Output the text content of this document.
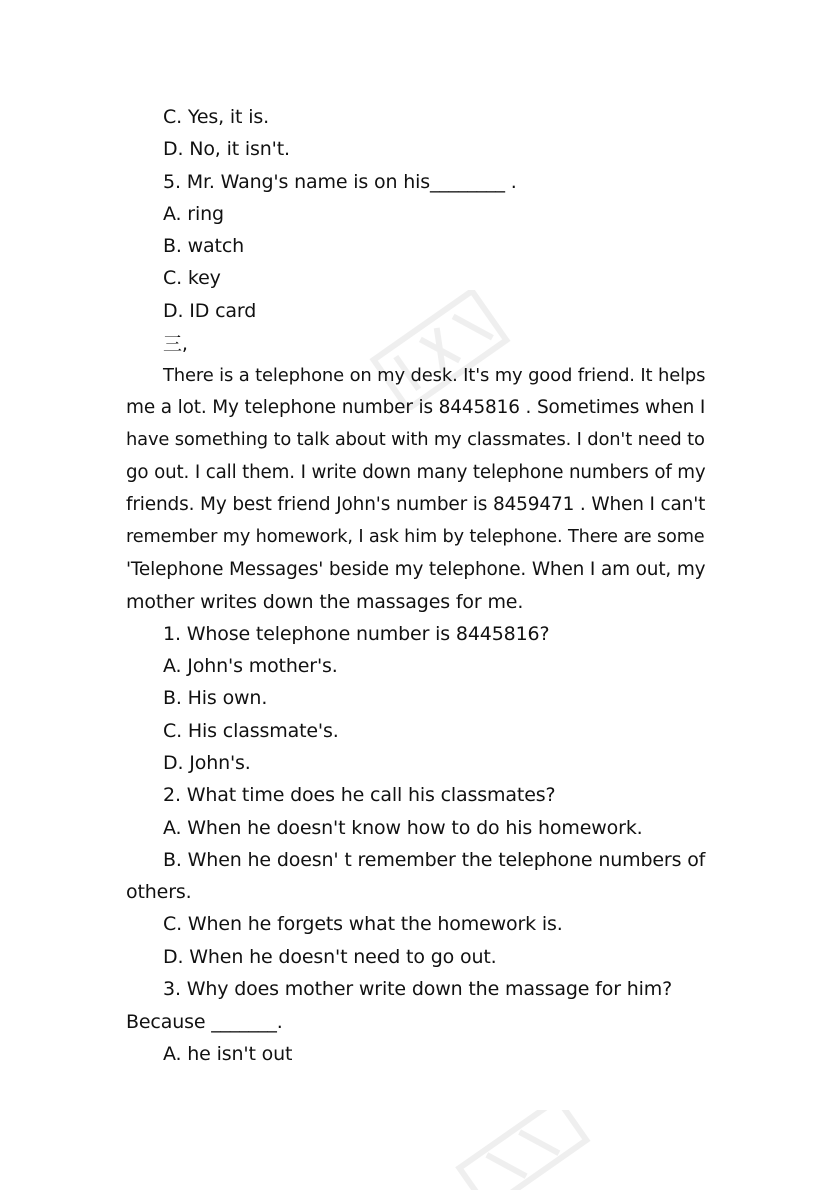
C. Yes, it is.
D. No, it isn't.
5. Mr. Wang's name is on his________ .
A. ring
B. watch
C. key
D. ID card
三,
There is a telephone on my desk. It's my good friend. It helps
me a lot. My telephone number is 8445816 . Sometimes when I
have something to talk about with my classmates. I don't need to
go out. I call them. I write down many telephone numbers of my
friends. My best friend John's number is 8459471 . When I can't
remember my homework, I ask him by telephone. There are some
'Telephone Messages' beside my telephone. When I am out, my
mother writes down the massages for me.
1. Whose telephone number is 8445816?
A. John's mother's.
B. His own.
C. His classmate's.
D. John's.
2. What time does he call his classmates?
A. When he doesn't know how to do his homework.
B. When he doesn' t remember the telephone numbers of
others.
C. When he forgets what the homework is.
D. When he doesn't need to go out.
3. Why does mother write down the massage for him?
Because _______.
A. he isn't out
